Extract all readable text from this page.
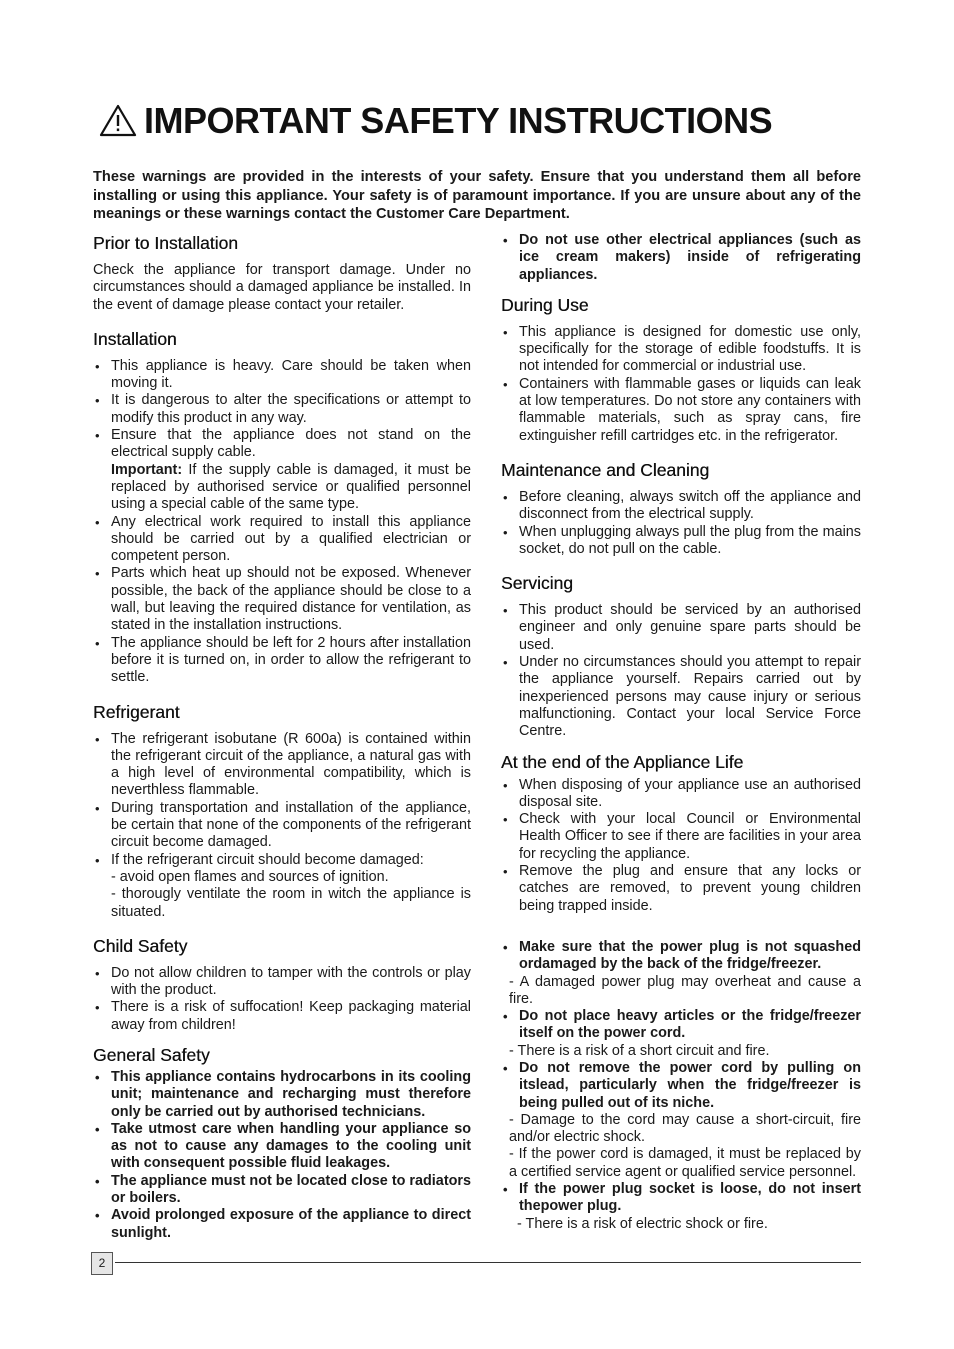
IMPORTANT SAFETY INSTRUCTIONS
These warnings are provided in the interests of your safety. Ensure that you understand them all before installing or using this appliance. Your safety is of paramount importance. If you are unsure about any of the meanings or these warnings contact the Customer Care Department.
Prior to Installation

Check the appliance for transport damage. Under no circumstances should a damaged appliance be installed. In the event of damage please contact your retailer.

Installation
• This appliance is heavy. Care should be taken when moving it.
• It is dangerous to alter the specifications or attempt to modify this product in any way.
• Ensure that the appliance does not stand on the electrical supply cable.
Important: If the supply cable is damaged, it must be replaced by authorised service or qualified personnel using a special cable of the same type.
• Any electrical work required to install this appliance should be carried out by a qualified electrician or competent person.
• Parts which heat up should not be exposed. Whenever possible, the back of the appliance should be close to a wall, but leaving the required distance for ventilation, as stated in the installation instructions.
• The appliance should be left for 2 hours after installation before it is turned on, in order to allow the refrigerant to settle.
Refrigerant
• The refrigerant isobutane (R 600a) is contained within the refrigerant circuit of the appliance, a natural gas with a high level of environmental compatibility, which is neverthless flammable.
• During transportation and installation of the appliance, be certain that none of the components of the refrigerant circuit become damaged.
• If the refrigerant circuit should become damaged:
- avoid open flames and sources of ignition.
- thorougly ventilate the room in witch the appliance is situated.
Child Safety
• Do not allow children to tamper with the controls or play with the product.
• There is a risk of suffocation! Keep packaging material away from children!
General Safety
• This appliance contains hydrocarbons in its cooling unit; maintenance and recharging must therefore only be carried out by authorised technicians.
• Take utmost care when handling your appliance so as not to cause any damages to the cooling unit with consequent possible fluid leakages.
• The appliance must not be located close to radiators or boilers.
• Avoid prolonged exposure of the appliance to direct sunlight.
• Do not use other electrical appliances (such as ice cream makers) inside of refrigerating appliances.
During Use
• This appliance is designed for domestic use only, specifically for the storage of edible foodstuffs. It is not intended for commercial or industrial use.
• Containers with flammable gases or liquids can leak at low temperatures. Do not store any containers with flammable materials, such as spray cans, fire extinguisher refill cartridges etc. in the refrigerator.
Maintenance and Cleaning
• Before cleaning, always switch off the appliance and disconnect from the electrical supply.
• When unplugging always pull the plug from the mains socket, do not pull on the cable.
Servicing
• This product should be serviced by an authorised engineer and only genuine spare parts should be used.
• Under no circumstances should you attempt to repair the appliance yourself. Repairs carried out by inexperienced persons may cause injury or serious malfunctioning. Contact your local Service Force Centre.
At the end of the Appliance Life
• When disposing of your appliance use an authorised disposal site.
• Check with your local Council or Environmental Health Officer to see if there are facilities in your area for recycling the appliance.
• Remove the plug and ensure that any locks or catches are removed, to prevent young children being trapped inside.
• Make sure that the power plug is not squashed ordamaged by the back of the fridge/freezer.
- A damaged power plug may overheat and cause a fire.
• Do not place heavy articles or the fridge/freezer itself on the power cord.
- There is a risk of a short circuit and fire.
• Do not remove the power cord by pulling on itslead, particularly when the fridge/freezer is being pulled out of its niche.
- Damage to the cord may cause a short-circuit, fire and/or electric shock.
- If the power cord is damaged, it must be replaced by a certified service agent or qualified service personnel.
• If the power plug socket is loose, do not insert thepower plug.
- There is a risk of electric shock or fire.
2
